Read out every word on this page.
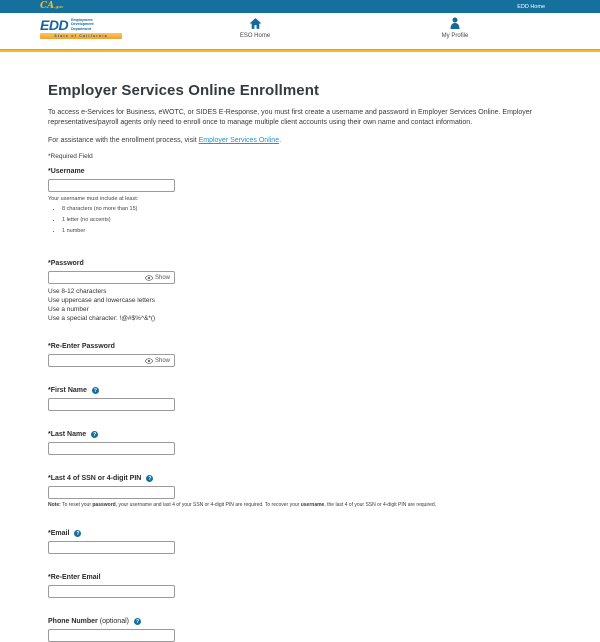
CA.gov	EDD Home
EDD Employment
Development
Department
State of California	ESO Home	My Profile
Employer Services Online Enrollment

To access e-Services for Business, eWOTC, or SIDES E-Response, you must first create a username and password in Employer Services Online. Employer representatives/payroll agents only need to enroll once to manage multiple client accounts using their own name and contact information.

For assistance with the enrollment process, visit Employer Services Online.

*Required Field

*Username
Your username must include at least:
• 8 characters (no more than 15)
• 1 letter (no accents)
• 1 number
*Password
Show
Use 8-12 characters
Use uppercase and lowercase letters
Use a number
Use a special character: !@#$%^&*()
*Re-Enter Password
Show
*First Name	?
*Last Name	?
*Last 4 of SSN or 4-digit PIN	?
Note: To reset your password, your username and last 4 of your SSN or 4-digit PIN are required. To recover your username, the last 4 of your SSN or 4-digit PIN are required.
*Email	?
*Re-Enter Email
Phone Number (optional)	?
